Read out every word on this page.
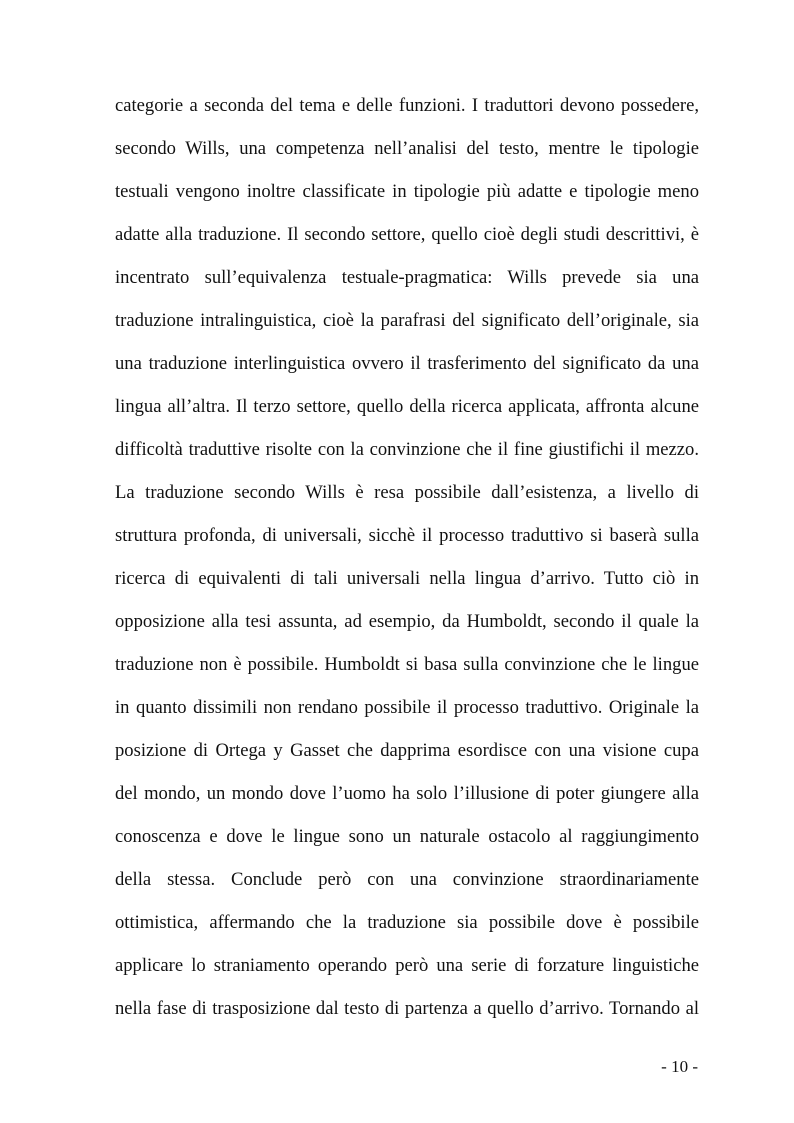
categorie a seconda del tema e delle funzioni. I traduttori devono possedere,
secondo Wills, una competenza nell’analisi del testo, mentre le tipologie
testuali vengono inoltre classificate in tipologie più adatte e tipologie meno
adatte alla traduzione. Il secondo settore, quello cioè degli studi descrittivi, è
incentrato sull’equivalenza testuale-pragmatica: Wills prevede sia una
traduzione intralinguistica, cioè la parafrasi del significato dell’originale, sia
una traduzione interlinguistica ovvero il trasferimento del significato da una
lingua all’altra. Il terzo settore, quello della ricerca applicata, affronta alcune
difficoltà traduttive risolte con la convinzione che il fine giustifichi il mezzo.
La traduzione secondo Wills è resa possibile dall’esistenza, a livello di
struttura profonda, di universali, sicchè il processo traduttivo si baserà sulla
ricerca di equivalenti di tali universali nella lingua d’arrivo. Tutto ciò in
opposizione alla tesi assunta, ad esempio, da Humboldt, secondo il quale la
traduzione non è possibile. Humboldt si basa sulla convinzione che le lingue
in quanto dissimili non rendano possibile il processo traduttivo. Originale la
posizione di Ortega y Gasset che dapprima esordisce con una visione cupa
del mondo, un mondo dove l’uomo ha solo l’illusione di poter giungere alla
conoscenza e dove le lingue sono un naturale ostacolo al raggiungimento
della stessa. Conclude però con una convinzione straordinariamente
ottimistica, affermando che la traduzione sia possibile dove è possibile
applicare lo straniamento operando però una serie di forzature linguistiche
nella fase di trasposizione dal testo di partenza a quello d’arrivo. Tornando al
- 10 -
